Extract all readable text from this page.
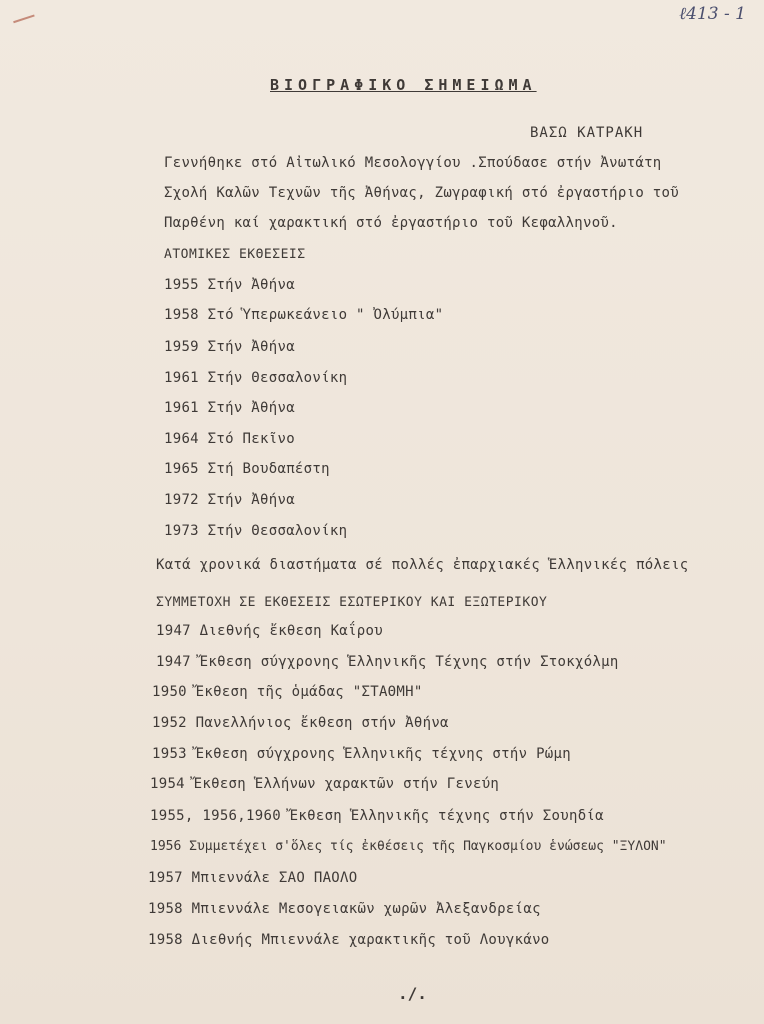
ℓ413 - 1
ΒΙΟΓΡΑΦΙΚΟ ΣΗΜΕΙΩΜΑ
ΒΑΣΩ ΚΑΤΡΑΚΗ
Γεννήθηκε στό Αἰτωλικό Μεσολογγίου .Σπούδασε στήν Ἀνωτάτη
Σχολή Καλῶν Τεχνῶν τῆς Ἀθήνας, Ζωγραφική στό ἐργαστήριο τοῦ
Παρθένη καί χαρακτική στό ἐργαστήριο τοῦ Κεφαλληνοῦ.
ΑΤΟΜΙΚΕΣ ΕΚΘΕΣΕΙΣ
1955 Στήν Ἀθήνα
1958 Στό Ὑπερωκεάνειο " Ὀλύμπια"
1959 Στήν Ἀθήνα
1961 Στήν Θεσσαλονίκη
1961 Στήν Ἀθήνα
1964 Στό Πεκῖνο
1965 Στή Βουδαπέστη
1972 Στήν Ἀθήνα
1973 Στήν Θεσσαλονίκη
Κατά χρονικά διαστήματα σέ πολλές ἐπαρχιακές Ἑλληνικές πόλεις
ΣΥΜΜΕΤΟΧΗ ΣΕ ΕΚΘΕΣΕΙΣ ΕΣΩΤΕΡΙΚΟΥ ΚΑΙ ΕΞΩΤΕΡΙΚΟΥ
1947 Διεθνής ἔκθεση Καΐρου
1947 Ἔκθεση σύγχρονης Ἑλληνικῆς Τέχνης στήν Στοκχόλμη
1950 Ἔκθεση τῆς ὁμάδας "ΣΤΑΘΜΗ"
1952 Πανελλήνιος ἔκθεση στήν Ἀθήνα
1953 Ἔκθεση σύγχρονης Ἑλληνικῆς τέχνης στήν Ρώμη
1954 Ἔκθεση Ἑλλήνων χαρακτῶν στήν Γενεύη
1955, 1956,1960 Ἔκθεση Ἑλληνικῆς τέχνης στήν Σουηδία
1956 Συμμετέχει σ'ὅλες τίς ἐκθέσεις τῆς Παγκοσμίου ἑνώσεως "ΞΥΛΟΝ"
1957 Μπιεννάλε ΣΑΟ ΠΑΟΛΟ
1958 Μπιεννάλε Μεσογειακῶν χωρῶν Ἀλεξανδρείας
1958 Διεθνής Μπιεννάλε χαρακτικῆς τοῦ Λουγκάνο
./.
